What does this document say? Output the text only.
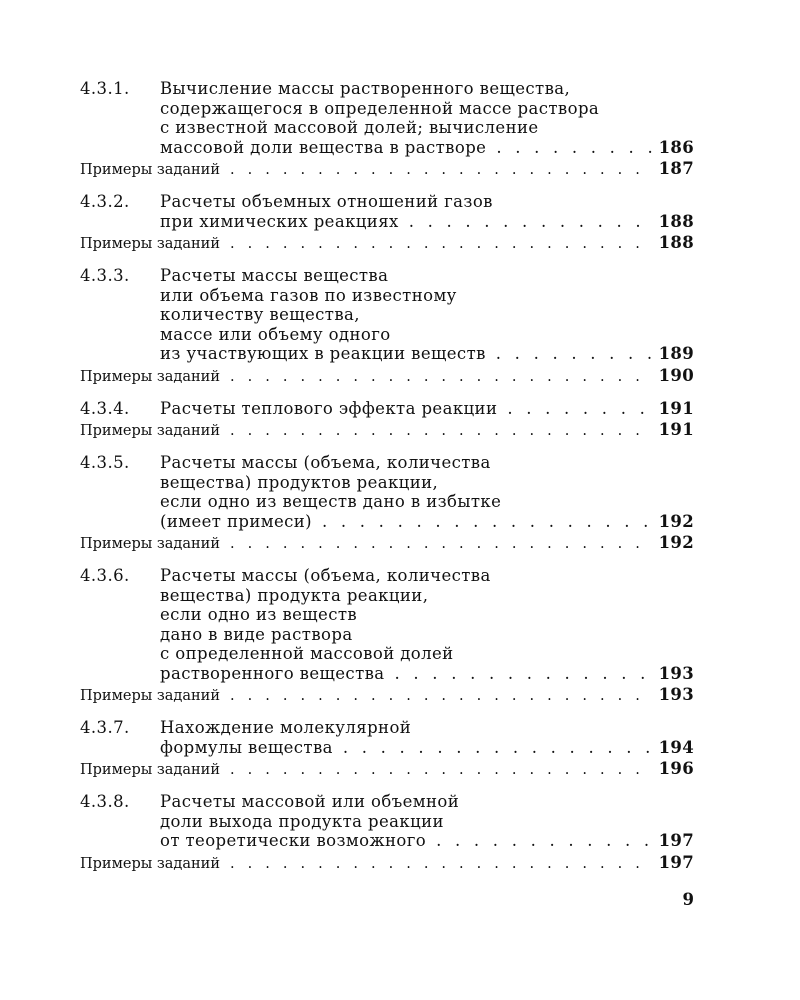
4.3.1.	Вычисление массы растворенного вещества,
содержащегося в определенной массе раствора
с известной массовой долей; вычисление
массовой доли вещества в растворе . . .	186
Примеры заданий . . .	187
4.3.2.	Расчеты объемных отношений газов
при химических реакциях . . .	188
Примеры заданий . . .	188
4.3.3.	Расчеты массы вещества
или объема газов по известному
количеству вещества,
массе или объему одного
из участвующих в реакции веществ . . .	189
Примеры заданий . . .	190
4.3.4.	Расчеты теплового эффекта реакции . . .	191
Примеры заданий . . .	191
4.3.5.	Расчеты массы (объема, количества
вещества) продуктов реакции,
если одно из веществ дано в избытке
(имеет примеси) . . .	192
Примеры заданий . . .	192
4.3.6.	Расчеты массы (объема, количества
вещества) продукта реакции,
если одно из веществ
дано в виде раствора
с определенной массовой долей
растворенного вещества . . .	193
Примеры заданий . . .	193
4.3.7.	Нахождение молекулярной
формулы вещества . . .	194
Примеры заданий . . .	196
4.3.8.	Расчеты массовой или объемной
доли выхода продукта реакции
от теоретически возможного . . .	197
Примеры заданий . . .	197
9
